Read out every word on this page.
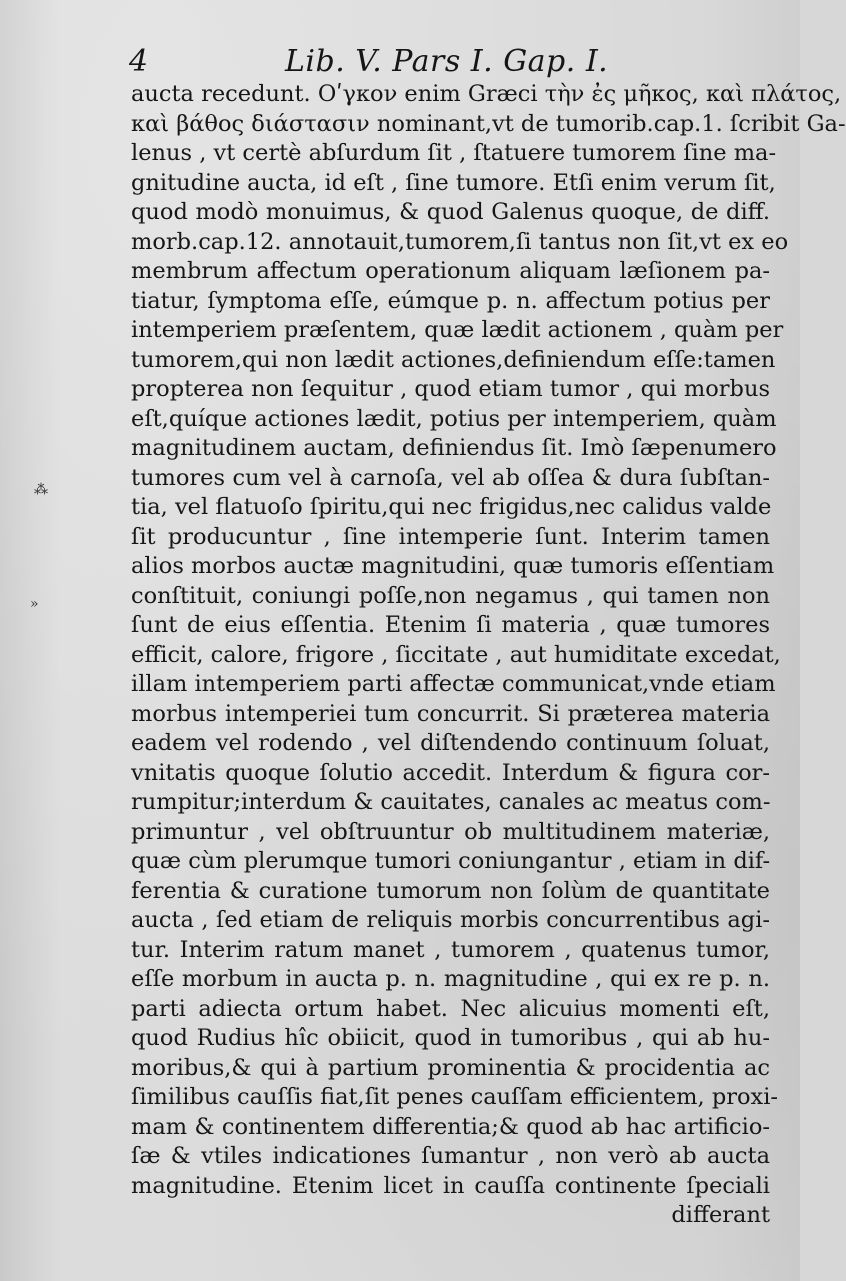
4	Lib. V. Pars I. Gap. I.
⁂
»
aucta recedunt. Oʹγκον enim Græci τὴν ἐς μῆκος, καὶ πλάτος,
καὶ βάθος διάστασιν nominant,vt de tumorib.cap.1. ſcribit Ga-
lenus , vt certè abſurdum ſit , ſtatuere tumorem ſine ma-
gnitudine aucta, id eſt , ſine tumore. Etſi enim verum ſit,
quod modò monuimus, & quod Galenus quoque, de diff.
morb.cap.12. annotauit,tumorem,ſi tantus non ſit,vt ex eo
membrum affectum operationum aliquam læſionem pa-
tiatur, ſymptoma eſſe, eúmque p. n. affectum potius per
intemperiem præſentem, quæ lædit actionem , quàm per
tumorem,qui non lædit actiones,definiendum eſſe:tamen
propterea non ſequitur , quod etiam tumor , qui morbus
eſt,quíque actiones lædit, potius per intemperiem, quàm
magnitudinem auctam, definiendus ſit. Imò ſæpenumero
tumores cum vel à carnoſa, vel ab oſſea & dura ſubſtan-
tia, vel flatuoſo ſpiritu,qui nec frigidus,nec calidus valde
ſit producuntur , ſine intemperie ſunt. Interim tamen
alios morbos auctæ magnitudini, quæ tumoris eſſentiam
conſtituit, coniungi poſſe,non negamus , qui tamen non
ſunt de eius eſſentia. Etenim ſi materia , quæ tumores
efficit, calore, frigore , ſiccitate , aut humiditate excedat,
illam intemperiem parti affectæ communicat,vnde etiam
morbus intemperiei tum concurrit. Si præterea materia
eadem vel rodendo , vel diſtendendo continuum ſoluat,
vnitatis quoque ſolutio accedit. Interdum & figura cor-
rumpitur;interdum & cauitates, canales ac meatus com-
primuntur , vel obſtruuntur ob multitudinem materiæ,
quæ cùm plerumque tumori coniungantur , etiam in dif-
ferentia & curatione tumorum non ſolùm de quantitate
aucta , ſed etiam de reliquis morbis concurrentibus agi-
tur. Interim ratum manet , tumorem , quatenus tumor,
eſſe morbum in aucta p. n. magnitudine , qui ex re p. n.
parti adiecta ortum habet. Nec alicuius momenti eſt,
quod Rudius hîc obiicit, quod in tumoribus , qui ab hu-
moribus,& qui à partium prominentia & procidentia ac
ſimilibus cauſſis fiat,ſit penes cauſſam efficientem, proxi-
mam & continentem differentia;& quod ab hac artificio-
ſæ & vtiles indicationes ſumantur , non verò ab aucta
magnitudine. Etenim licet in cauſſa continente ſpeciali
differant
